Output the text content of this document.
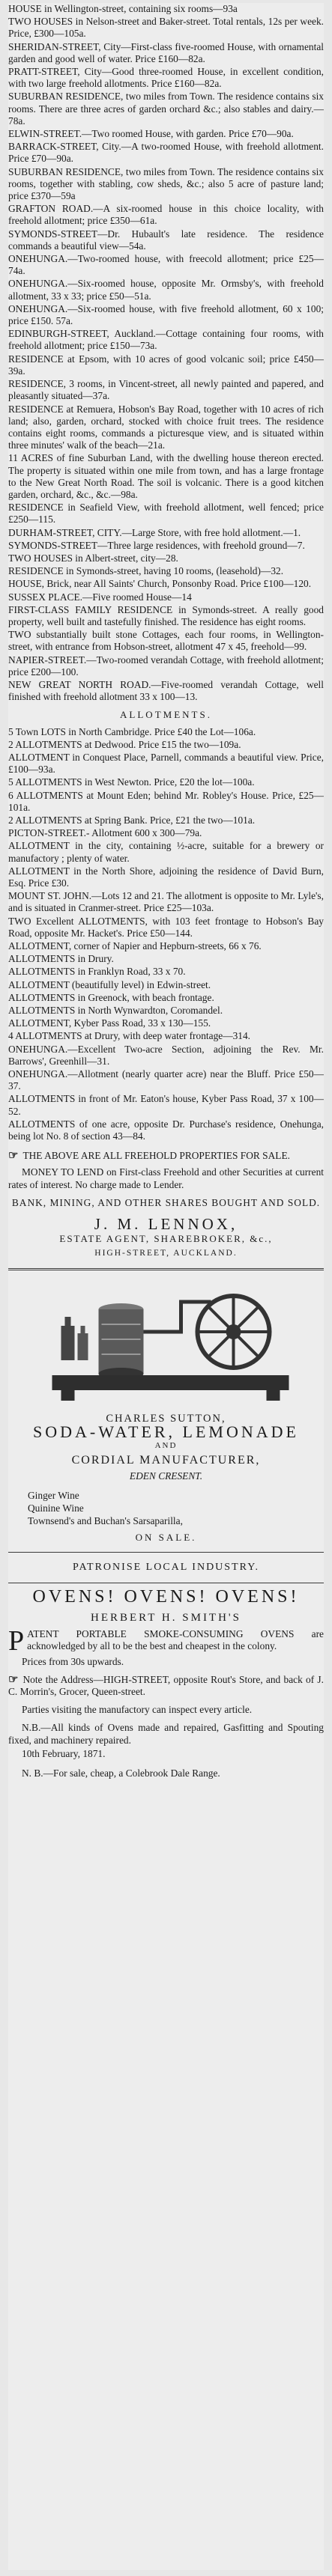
HOUSE in Wellington-street, containing six rooms—93a
TWO HOUSES in Nelson-street and Baker-street. Total rentals, 12s per week. Price, £300—105a.
SHERIDAN-STREET, City—First-class five-roomed House, with ornamental garden and good well of water. Price £160—82a.
PRATT-STREET, City—Good three-roomed House, in excellent condition, with two large freehold allotments. Price £160—82a.
SUBURBAN RESIDENCE, two miles from Town. The residence contains six rooms. There are three acres of garden orchard &c.; also stables and dairy.—78a.
ELWIN-STREET.—Two roomed House, with garden. Price £70—90a.
BARRACK-STREET, City.—A two-roomed House, with freehold allotment. Price £70—90a.
SUBURBAN RESIDENCE, two miles from Town. The residence contains six rooms, together with stabling, cow sheds, &c.; also 5 acre of pasture land; price £370—59a
GRAFTON ROAD.—A six-roomed house in this choice locality, with freehold allotment; price £350—61a.
SYMONDS-STREET—Dr. Hubault's late residence. The residence commands a beautiful view—54a.
ONEHUNGA.—Two-roomed house, with freecold allotment; price £25—74a.
ONEHUNGA.—Six-roomed house, opposite Mr. Ormsby's, with freehold allotment, 33 x 33; price £50—51a.
ONEHUNGA.—Six-roomed house, with five freehold allotment, 60 x 100; price £150. 57a.
EDINBURGH-STREET, Auckland.—Cottage containing four rooms, with freehold allotment; price £150—73a.
RESIDENCE at Epsom, with 10 acres of good volcanic soil; price £450—39a.
RESIDENCE, 3 rooms, in Vincent-street, all newly painted and papered, and pleasantly situated—37a.
RESIDENCE at Remuera, Hobson's Bay Road, together with 10 acres of rich land; also, garden, orchard, stocked with choice fruit trees. The residence contains eight rooms, commands a picturesque view, and is situated within three minutes' walk of the beach—21a.
11 ACRES of fine Suburban Land, with the dwelling house thereon erected. The property is situated within one mile from town, and has a large frontage to the New Great North Road. The soil is volcanic. There is a good kitchen garden, orchard, &c., &c.—98a.
RESIDENCE in Seafield View, with freehold allotment, well fenced; price £250—115.
DURHAM-STREET, CITY.—Large Store, with free hold allotment.—1.
SYMONDS-STREET—Three large residences, with freehold ground—7.
TWO HOUSES in Albert-street, city—28.
RESIDENCE in Symonds-street, having 10 rooms, (leasehold)—32.
HOUSE, Brick, near All Saints' Church, Ponsonby Road. Price £100—120.
SUSSEX PLACE.—Five roomed House—14
FIRST-CLASS FAMILY RESIDENCE in Symonds-street. A really good property, well built and tastefully finished. The residence has eight rooms.
TWO substantially built stone Cottages, each four rooms, in Wellington-street, with entrance from Hobson-street, allotment 47 x 45, freehold—99.
NAPIER-STREET.—Two-roomed verandah Cottage, with freehold allotment; price £200—100.
NEW GREAT NORTH ROAD.—Five-roomed verandah Cottage, well finished with freehold allotment 33 x 100—13.
ALLOTMENTS.
5 Town LOTS in North Cambridge. Price £40 the Lot—106a.
2 ALLOTMENTS at Dedwood. Price £15 the two—109a.
ALLOTMENT in Conquest Place, Parnell, commands a beautiful view. Price, £100—93a.
5 ALLOTMENTS in West Newton. Price, £20 the lot—100a.
6 ALLOTMENTS at Mount Eden; behind Mr. Robley's House. Price, £25—101a.
2 ALLOTMENTS at Spring Bank. Price, £21 the two—101a.
PICTON-STREET.- Allotment 600 x 300—79a.
ALLOTMENT in the city, containing ½-acre, suitable for a brewery or manufactory ; plenty of water.
ALLOTMENT in the North Shore, adjoining the residence of David Burn, Esq. Price £30.
MOUNT ST. JOHN.—Lots 12 and 21. The allotment is opposite to Mr. Lyle's, and is situated in Cranmer-street. Price £25—103a.
TWO Excellent ALLOTMENTS, with 103 feet frontage to Hobson's Bay Road, opposite Mr. Hacket's. Price £50—144.
ALLOTMENT, corner of Napier and Hepburn-streets, 66 x 76.
ALLOTMENTS in Drury.
ALLOTMENTS in Franklyn Road, 33 x 70.
ALLOTMENT (beautifully level) in Edwin-street.
ALLOTMENTS in Greenock, with beach frontage.
ALLOTMENTS in North Wynwardton, Coromandel.
ALLOTMENT, Kyber Pass Road, 33 x 130—155.
4 ALLOTMENTS at Drury, with deep water frontage—314.
ONEHUNGA.—Excellent Two-acre Section, adjoining the Rev. Mr. Barrows', Greenhill—31.
ONEHUNGA.—Allotment (nearly quarter acre) near the Bluff. Price £50—37.
ALLOTMENTS in front of Mr. Eaton's house, Kyber Pass Road, 37 x 100—52.
ALLOTMENTS of one acre, opposite Dr. Purchase's residence, Onehunga, being lot No. 8 of section 43—84.
☞ THE ABOVE ARE ALL FREEHOLD PROPERTIES FOR SALE.
MONEY TO LEND on First-class Freehold and other Securities at current rates of interest. No charge made to Lender.
BANK, MINING, AND OTHER SHARES BOUGHT AND SOLD.
J. M. LENNOX,
ESTATE AGENT, SHAREBROKER, &c.,
HIGH-STREET, AUCKLAND.
CHARLES SUTTON,
SODA-WATER, LEMONADE
AND
CORDIAL MANUFACTURER,
EDEN CRESENT.
Ginger Wine
Quinine Wine
Townsend's and Buchan's Sarsaparilla,
ON SALE.
PATRONISE LOCAL INDUSTRY.
OVENS! OVENS! OVENS!
HERBERT H. SMITH'S
PATENT PORTABLE SMOKE-CONSUMING OVENS are acknowledged by all to be the best and cheapest in the colony.
Prices from 30s upwards.
☞ Note the Address—HIGH-STREET, opposite Rout's Store, and back of J. C. Morrin's, Grocer, Queen-street.
Parties visiting the manufactory can inspect every article.
N.B.—All kinds of Ovens made and repaired, Gasfitting and Spouting fixed, and machinery repaired.
10th February, 1871.
N. B.—For sale, cheap, a Colebrook Dale Range.
